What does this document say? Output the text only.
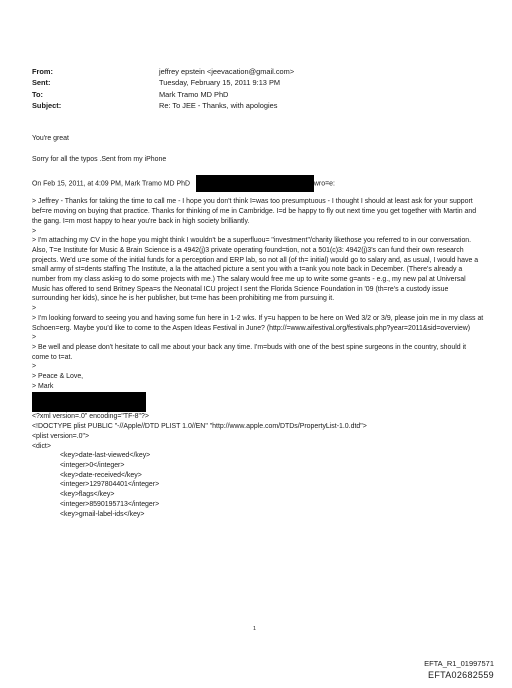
From:	jeffrey epstein <jeevacation@gmail.com>
Sent:	Tuesday, February 15, 2011 9:13 PM
To:	Mark Tramo MD PhD
Subject:	Re: To JEE - Thanks, with apologies

You're great

Sorry for all the typos .Sent from my iPhone

On Feb 15, 2011, at 4:09 PM, Mark Tramo MD PhD	wro=e:

> Jeffrey - Thanks for taking the time to call me - I hope you don't think I=was too presumptuous - I thought I should at least ask for your support bef=re moving on buying that practice. Thanks for thinking of me in Cambridge. I=d be happy to fly out next time you get together with Martin and the gang. I=m most happy to hear you're back in high society brilliantly.

>

> I'm attaching my CV in the hope you might think I wouldn't be a superfluou= "investment"/charity likethose you referred to in our conversation. Also, T=e Institute for Music & Brain Science is a 4942(j)3 private operating found=tion, not a 501(c)3: 4942(j)3's can fund their own research projects. We'd u=e some of the initial funds for a perception and ERP lab, so not all (of th= initial) would go to salary and, as usual, I would have a small army of st=dents staffing The Institute, a la the attached picture a sent you with a t=ank you note back in December. (There's already a number from my class aski=g to do some projects with me.) The salary would free me up to write some g=ants - e.g., my new pal at Universal Music has offered to send Britney Spea=s the Neonatal ICU project I sent the Florida Science Foundation in '09 (th=re's a custody issue surrounding her kids), since he is her publisher, but t=me has been prohibiting me from pursuing it.

>

> I'm looking forward to seeing you and having some fun here in 1-2 wks. If y=u happen to be here on Wed 3/2 or 3/9, please join me in my class at Schoen=erg. Maybe you'd like to come to the Aspen Ideas Festival in June? (http://=www.aifestival.org/festivals.php?year=2011&sid=overview)

>

> Be well and please don't hesitate to call me about your back any time. I'm=buds with one of the best spine surgeons in the country, should it come to t=at.

>

> Peace & Love,

> Mark

<?xml version=.0" encoding="TF-8"?>

<!DOCTYPE plist PUBLIC "-//Apple//DTD PLIST 1.0//EN" "http://www.apple.com/DTDs/PropertyList-1.0.dtd">

<plist version=.0">

<dict>

<key>date-last-viewed</key>

<integer>0</integer>

<key>date-received</key>

<integer>1297804401</integer>

<key>flags</key>

<integer>8590195713</integer>

<key>gmail-label-ids</key>

1
EFTA_R1_01997571
EFTA02682559
